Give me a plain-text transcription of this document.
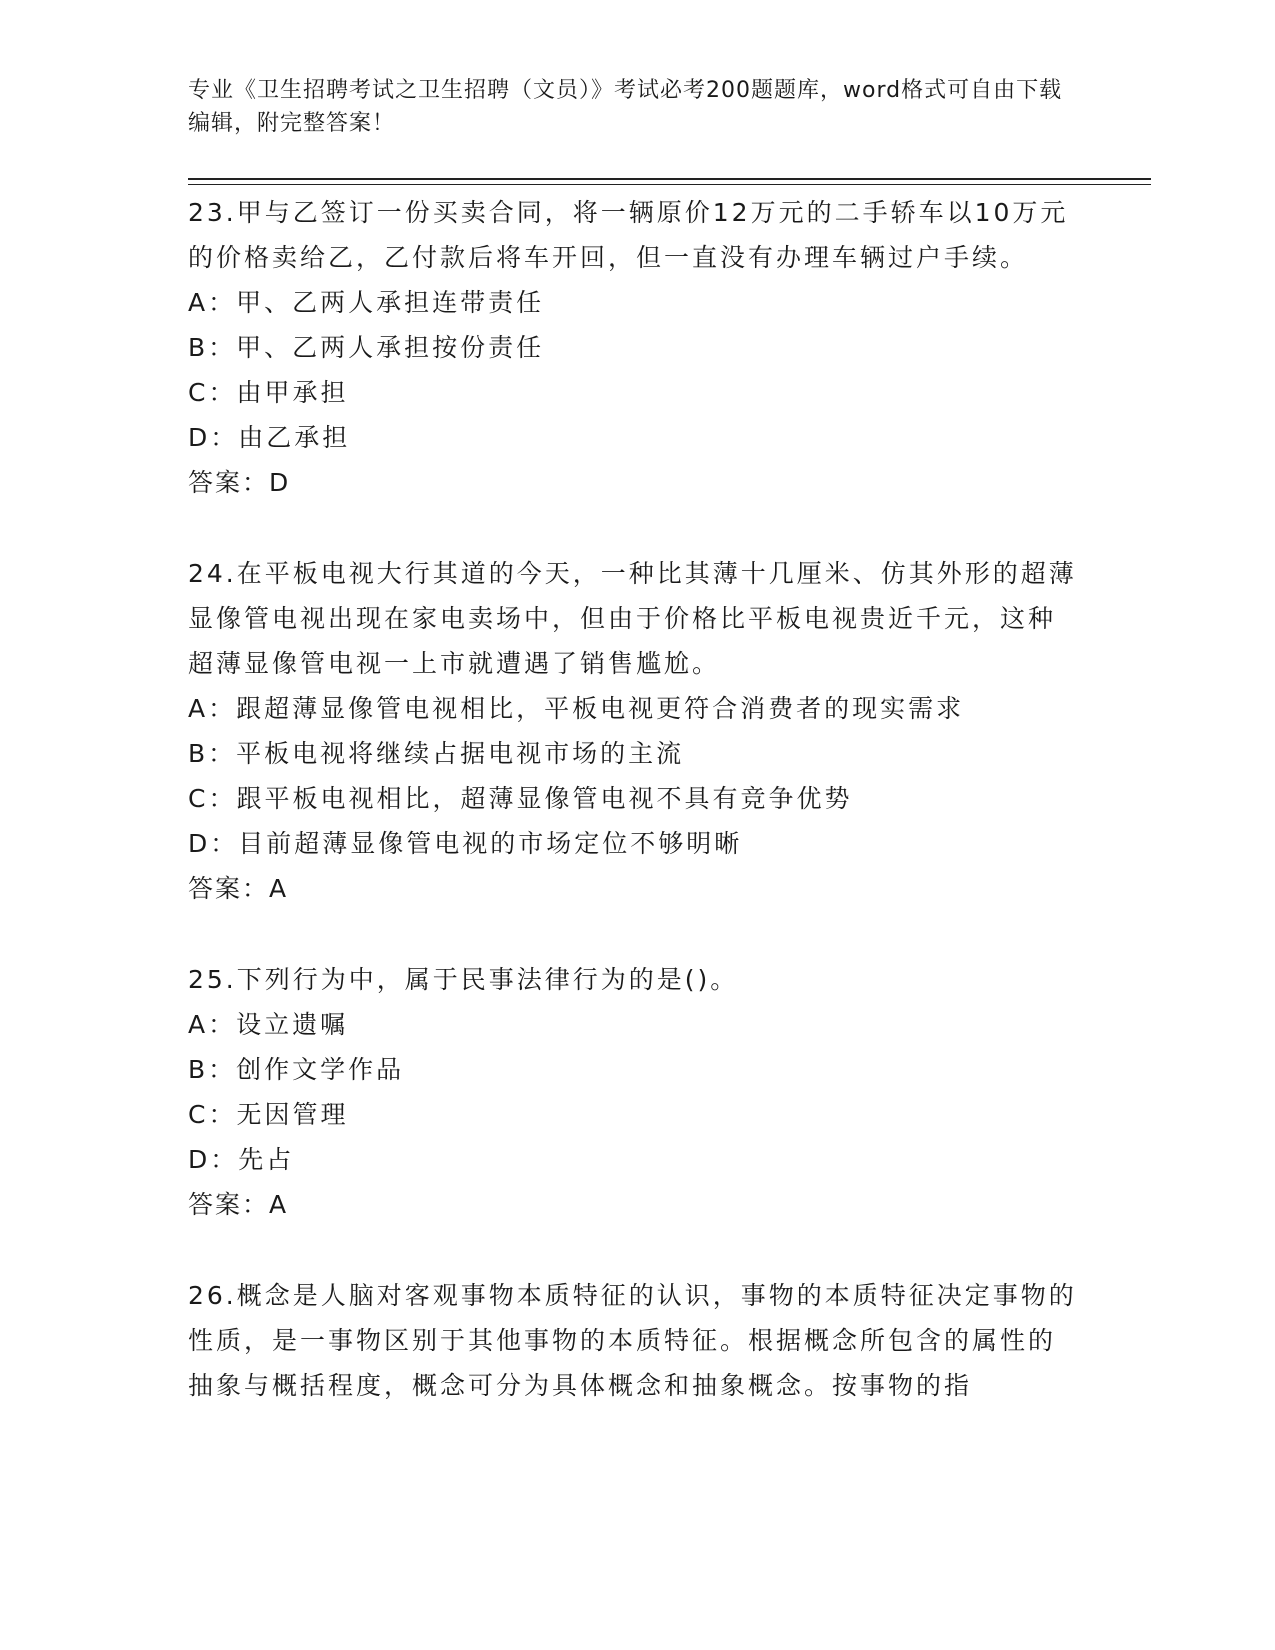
专业《卫生招聘考试之卫生招聘（文员）》考试必考200题题库，word格式可自由下载编辑，附完整答案！

23.甲与乙签订一份买卖合同，将一辆原价12万元的二手轿车以10万元的价格卖给乙，乙付款后将车开回，但一直没有办理车辆过户手续。

A：甲、乙两人承担连带责任

B：甲、乙两人承担按份责任

C：由甲承担

D：由乙承担

答案：D

24.在平板电视大行其道的今天，一种比其薄十几厘米、仿其外形的超薄显像管电视出现在家电卖场中，但由于价格比平板电视贵近千元，这种超薄显像管电视一上市就遭遇了销售尴尬。

A：跟超薄显像管电视相比，平板电视更符合消费者的现实需求

B：平板电视将继续占据电视市场的主流

C：跟平板电视相比，超薄显像管电视不具有竞争优势

D：目前超薄显像管电视的市场定位不够明晰

答案：A

25.下列行为中，属于民事法律行为的是()。

A：设立遗嘱

B：创作文学作品

C：无因管理

D：先占

答案：A

26.概念是人脑对客观事物本质特征的认识，事物的本质特征决定事物的性质，是一事物区别于其他事物的本质特征。根据概念所包含的属性的抽象与概括程度，概念可分为具体概念和抽象概念。按事物的指
